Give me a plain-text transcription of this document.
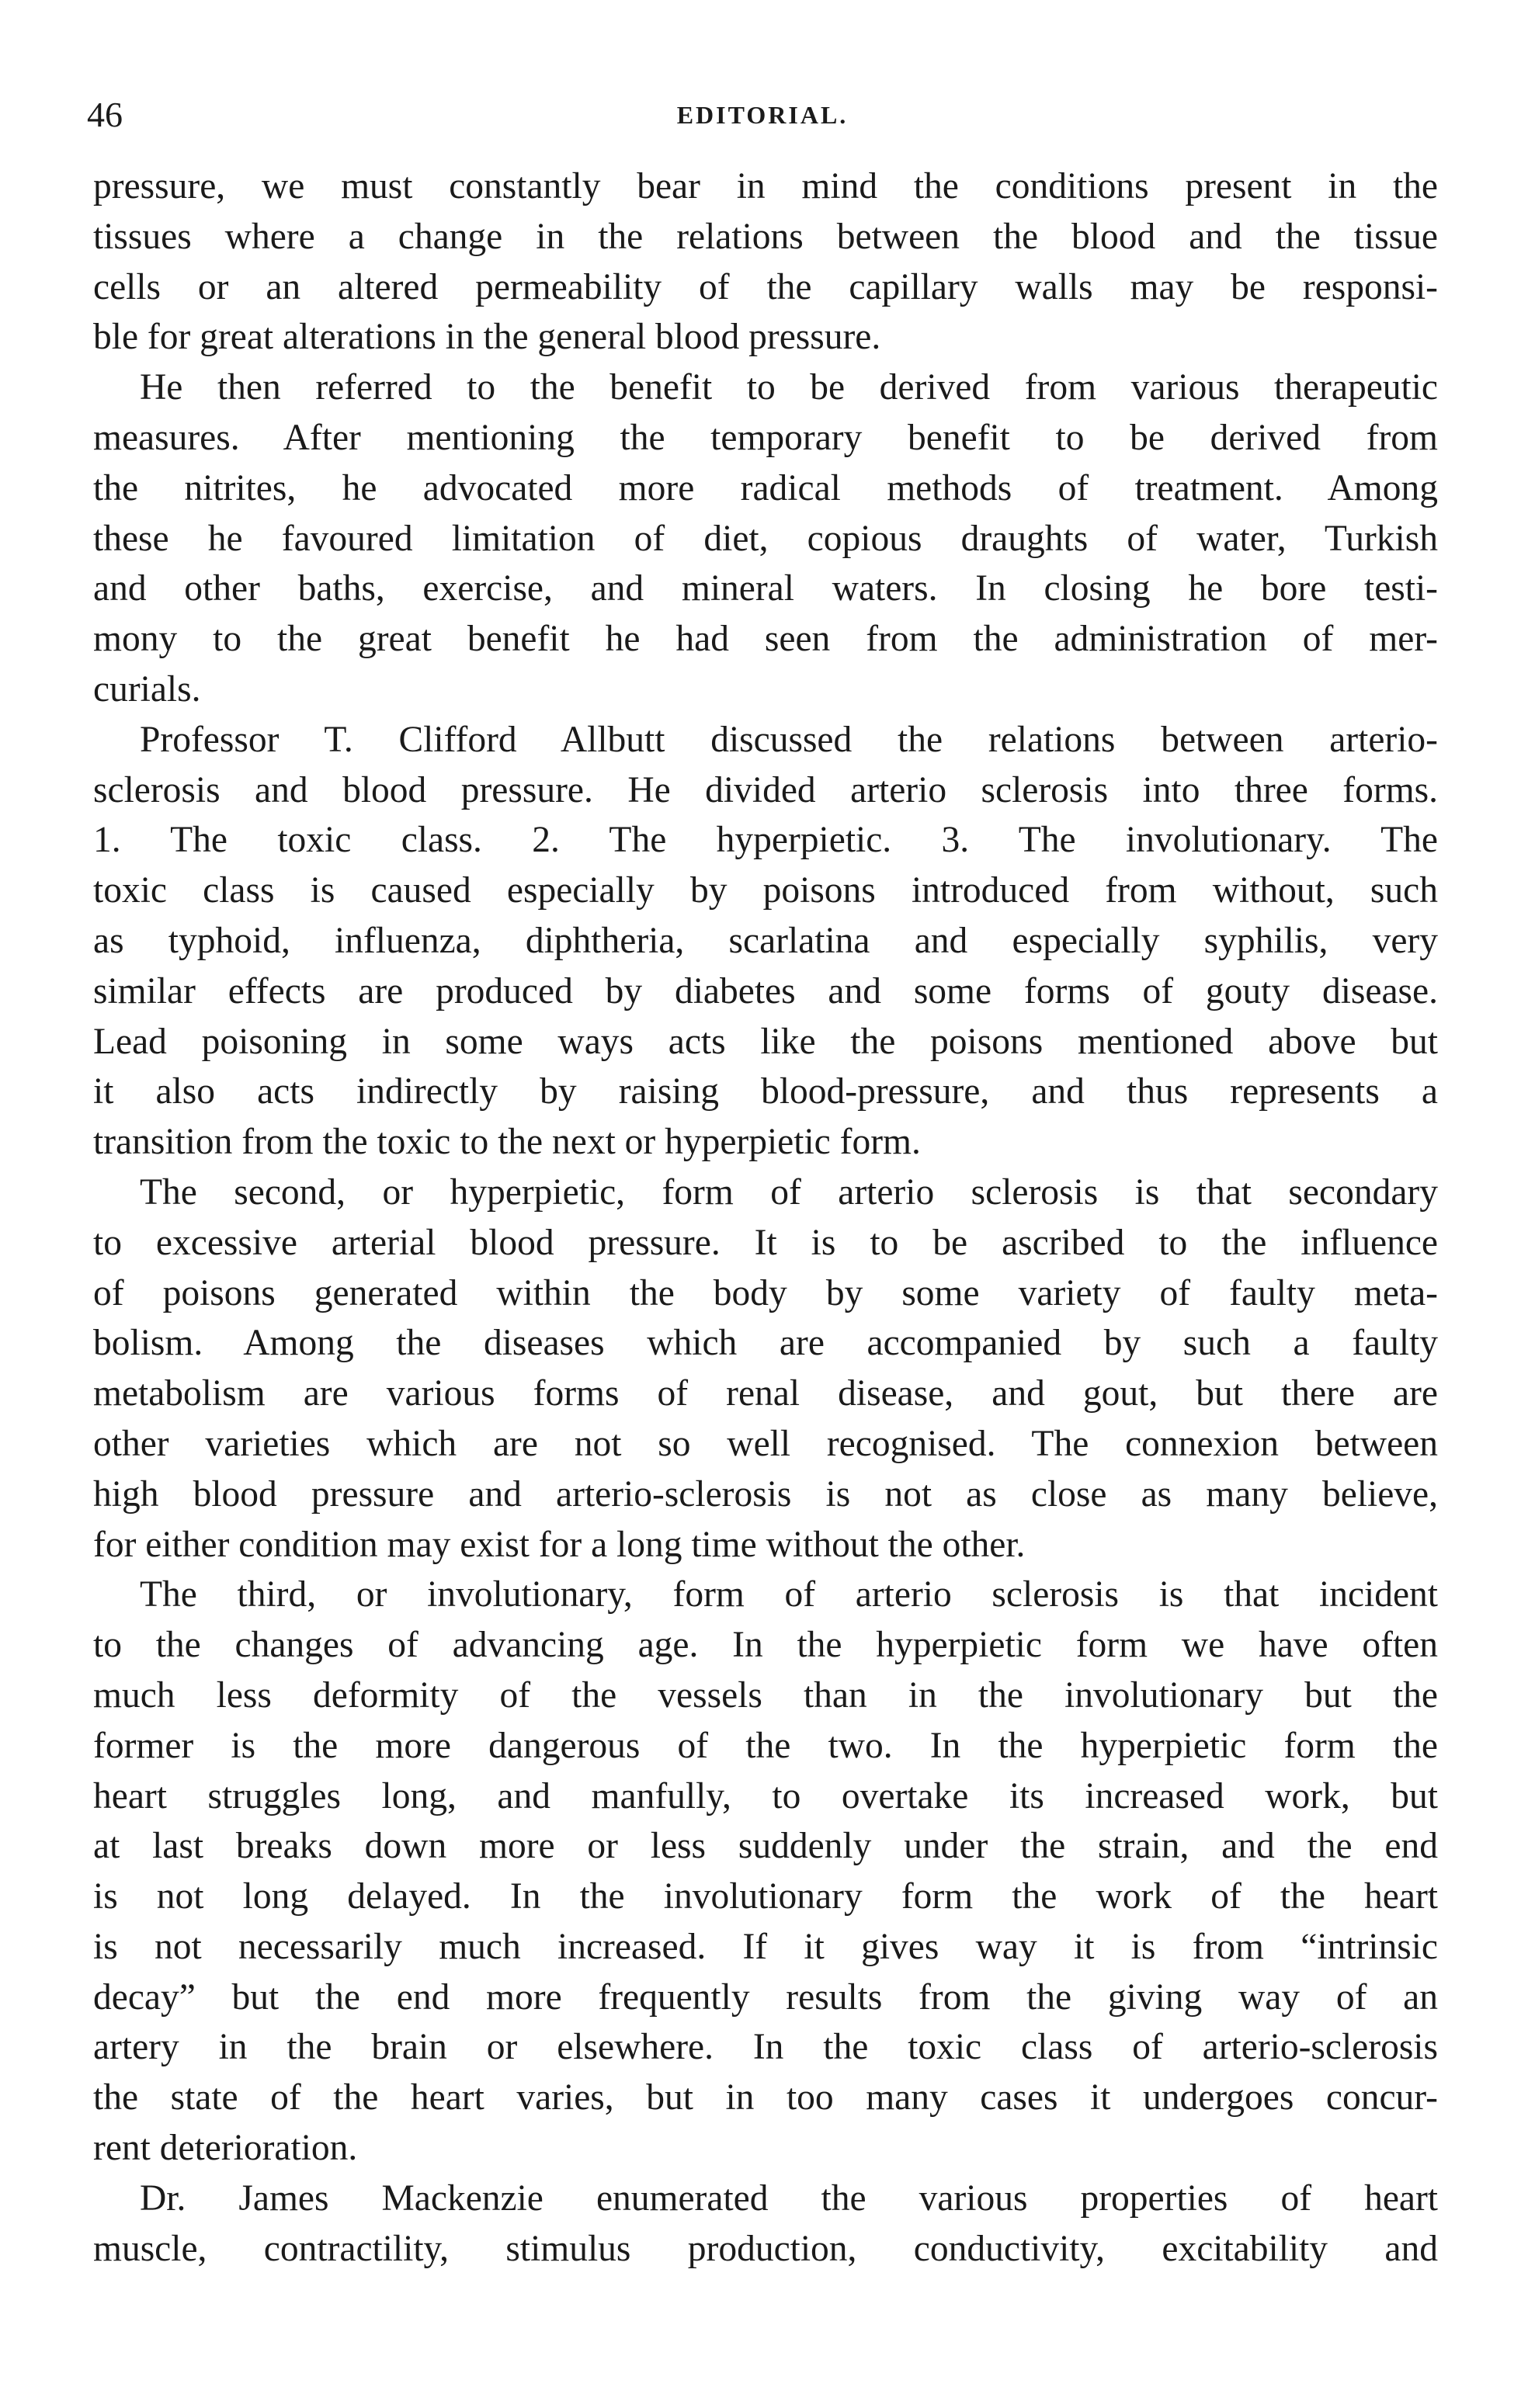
46	EDITORIAL.
pressure, we must constantly bear in mind the conditions present in the
tissues where a change in the relations between the blood and the tissue
cells or an altered permeability of the capillary walls may be responsi-
ble for great alterations in the general blood pressure.
He then referred to the benefit to be derived from various therapeutic
measures. After mentioning the temporary benefit to be derived from
the nitrites, he advocated more radical methods of treatment. Among
these he favoured limitation of diet, copious draughts of water, Turkish
and other baths, exercise, and mineral waters. In closing he bore testi-
mony to the great benefit he had seen from the administration of mer-
curials.
Professor T. Clifford Allbutt discussed the relations between arterio-
sclerosis and blood pressure. He divided arterio sclerosis into three forms.
1. The toxic class. 2. The hyperpietic. 3. The involutionary. The
toxic class is caused especially by poisons introduced from without, such
as typhoid, influenza, diphtheria, scarlatina and especially syphilis, very
similar effects are produced by diabetes and some forms of gouty disease.
Lead poisoning in some ways acts like the poisons mentioned above but
it also acts indirectly by raising blood-pressure, and thus represents a
transition from the toxic to the next or hyperpietic form.
The second, or hyperpietic, form of arterio sclerosis is that secondary
to excessive arterial blood pressure. It is to be ascribed to the influence
of poisons generated within the body by some variety of faulty meta-
bolism. Among the diseases which are accompanied by such a faulty
metabolism are various forms of renal disease, and gout, but there are
other varieties which are not so well recognised. The connexion between
high blood pressure and arterio-sclerosis is not as close as many believe,
for either condition may exist for a long time without the other.
The third, or involutionary, form of arterio sclerosis is that incident
to the changes of advancing age. In the hyperpietic form we have often
much less deformity of the vessels than in the involutionary but the
former is the more dangerous of the two. In the hyperpietic form the
heart struggles long, and manfully, to overtake its increased work, but
at last breaks down more or less suddenly under the strain, and the end
is not long delayed. In the involutionary form the work of the heart
is not necessarily much increased. If it gives way it is from “intrinsic
decay” but the end more frequently results from the giving way of an
artery in the brain or elsewhere. In the toxic class of arterio-sclerosis
the state of the heart varies, but in too many cases it undergoes concur-
rent deterioration.
Dr. James Mackenzie enumerated the various properties of heart
muscle, contractility, stimulus production, conductivity, excitability and
